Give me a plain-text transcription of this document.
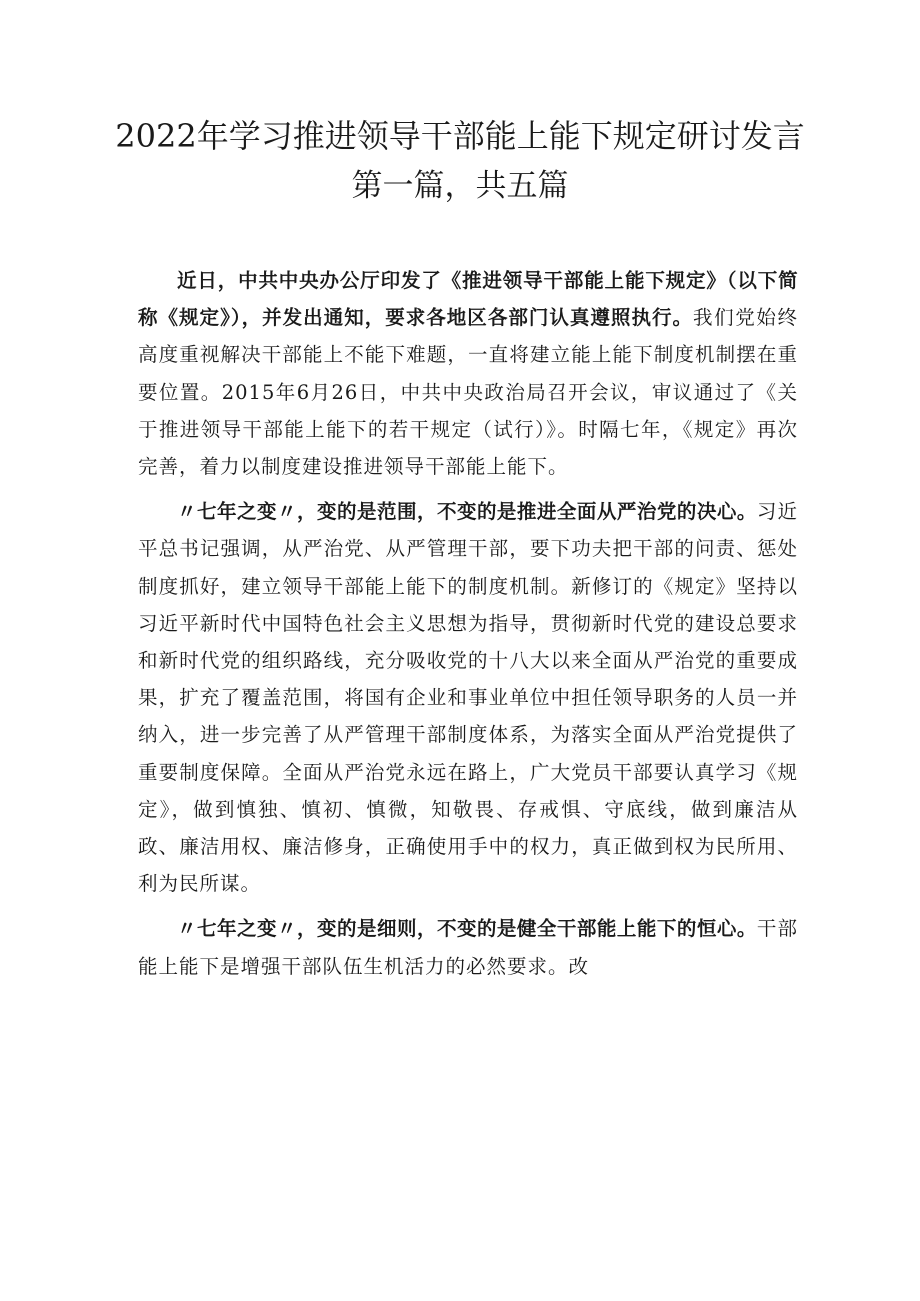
2022年学习推进领导干部能上能下规定研讨发言
第一篇，共五篇

近日，中共中央办公厅印发了《推进领导干部能上能下规定》（以下简称《规定》），并发出通知，要求各地区各部门认真遵照执行。我们党始终高度重视解决干部能上不能下难题，一直将建立能上能下制度机制摆在重要位置。2015年6月26日，中共中央政治局召开会议，审议通过了《关于推进领导干部能上能下的若干规定（试行）》。时隔七年，《规定》再次完善，着力以制度建设推进领导干部能上能下。

〃七年之变〃，变的是范围，不变的是推进全面从严治党的决心。习近平总书记强调，从严治党、从严管理干部，要下功夫把干部的问责、惩处制度抓好，建立领导干部能上能下的制度机制。新修订的《规定》坚持以习近平新时代中国特色社会主义思想为指导，贯彻新时代党的建设总要求和新时代党的组织路线，充分吸收党的十八大以来全面从严治党的重要成果，扩充了覆盖范围，将国有企业和事业单位中担任领导职务的人员一并纳入，进一步完善了从严管理干部制度体系，为落实全面从严治党提供了重要制度保障。全面从严治党永远在路上，广大党员干部要认真学习《规定》，做到慎独、慎初、慎微，知敬畏、存戒惧、守底线，做到廉洁从政、廉洁用权、廉洁修身，正确使用手中的权力，真正做到权为民所用、利为民所谋。

〃七年之变〃，变的是细则，不变的是健全干部能上能下的恒心。干部能上能下是增强干部队伍生机活力的必然要求。改
